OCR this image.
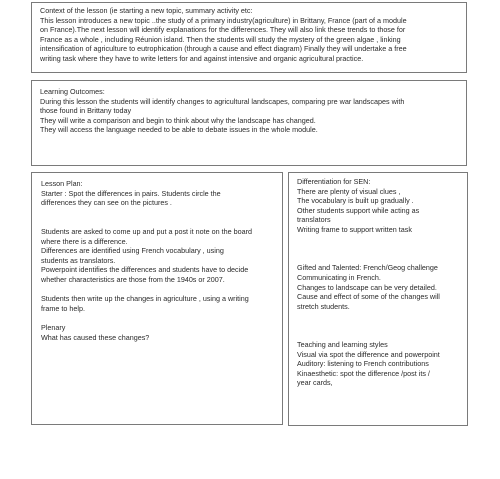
Context of the lesson (ie starting a new topic, summary activity etc:
This lesson introduces a new topic ..the study of a primary industry(agriculture) in Brittany, France (part of a module
on France).The next lesson will identify explanations for the differences. They will also link these trends to those for
France as a whole , including Réunion island. Then the students will study the mystery of the green algae , linking
intensification of agriculture to eutrophication (through a cause and effect diagram) Finally they will undertake a free
writing task where they have to write letters for and against intensive and organic agricultural practice.
Learning Outcomes:
During this lesson the students will identify changes to agricultural landscapes, comparing pre war landscapes with
those found in Brittany today
They will write a comparison and begin to think about why the landscape has changed.
They will access the language needed to be able to debate issues in the whole module.
Lesson Plan:
Starter : Spot the differences in pairs. Students circle the
differences they can see on the pictures .
Students are asked to come up and put a post it note on the board
where there is a difference.
Differences are identified using French vocabulary , using
students as translators.
Powerpoint identifies the differences and students have to decide
whether characteristics are those from the 1940s or 2007.
Students then write up the changes in agriculture , using a writing
frame to help.
Plenary
What has caused these changes?
Differentiation for SEN:
There are plenty of visual clues ,
The vocabulary is built up gradually .
Other students support while acting as
translators
Writing frame to support written task
Gifted and Talented: French/Geog challenge
Communicating in French.
Changes to landscape can be very detailed.
Cause and effect of some of the changes will
stretch students.
Teaching and learning styles
Visual via spot the difference and powerpoint
Auditory: listening to French contributions
Kinaesthetic: spot the difference /post its /
year cards,
